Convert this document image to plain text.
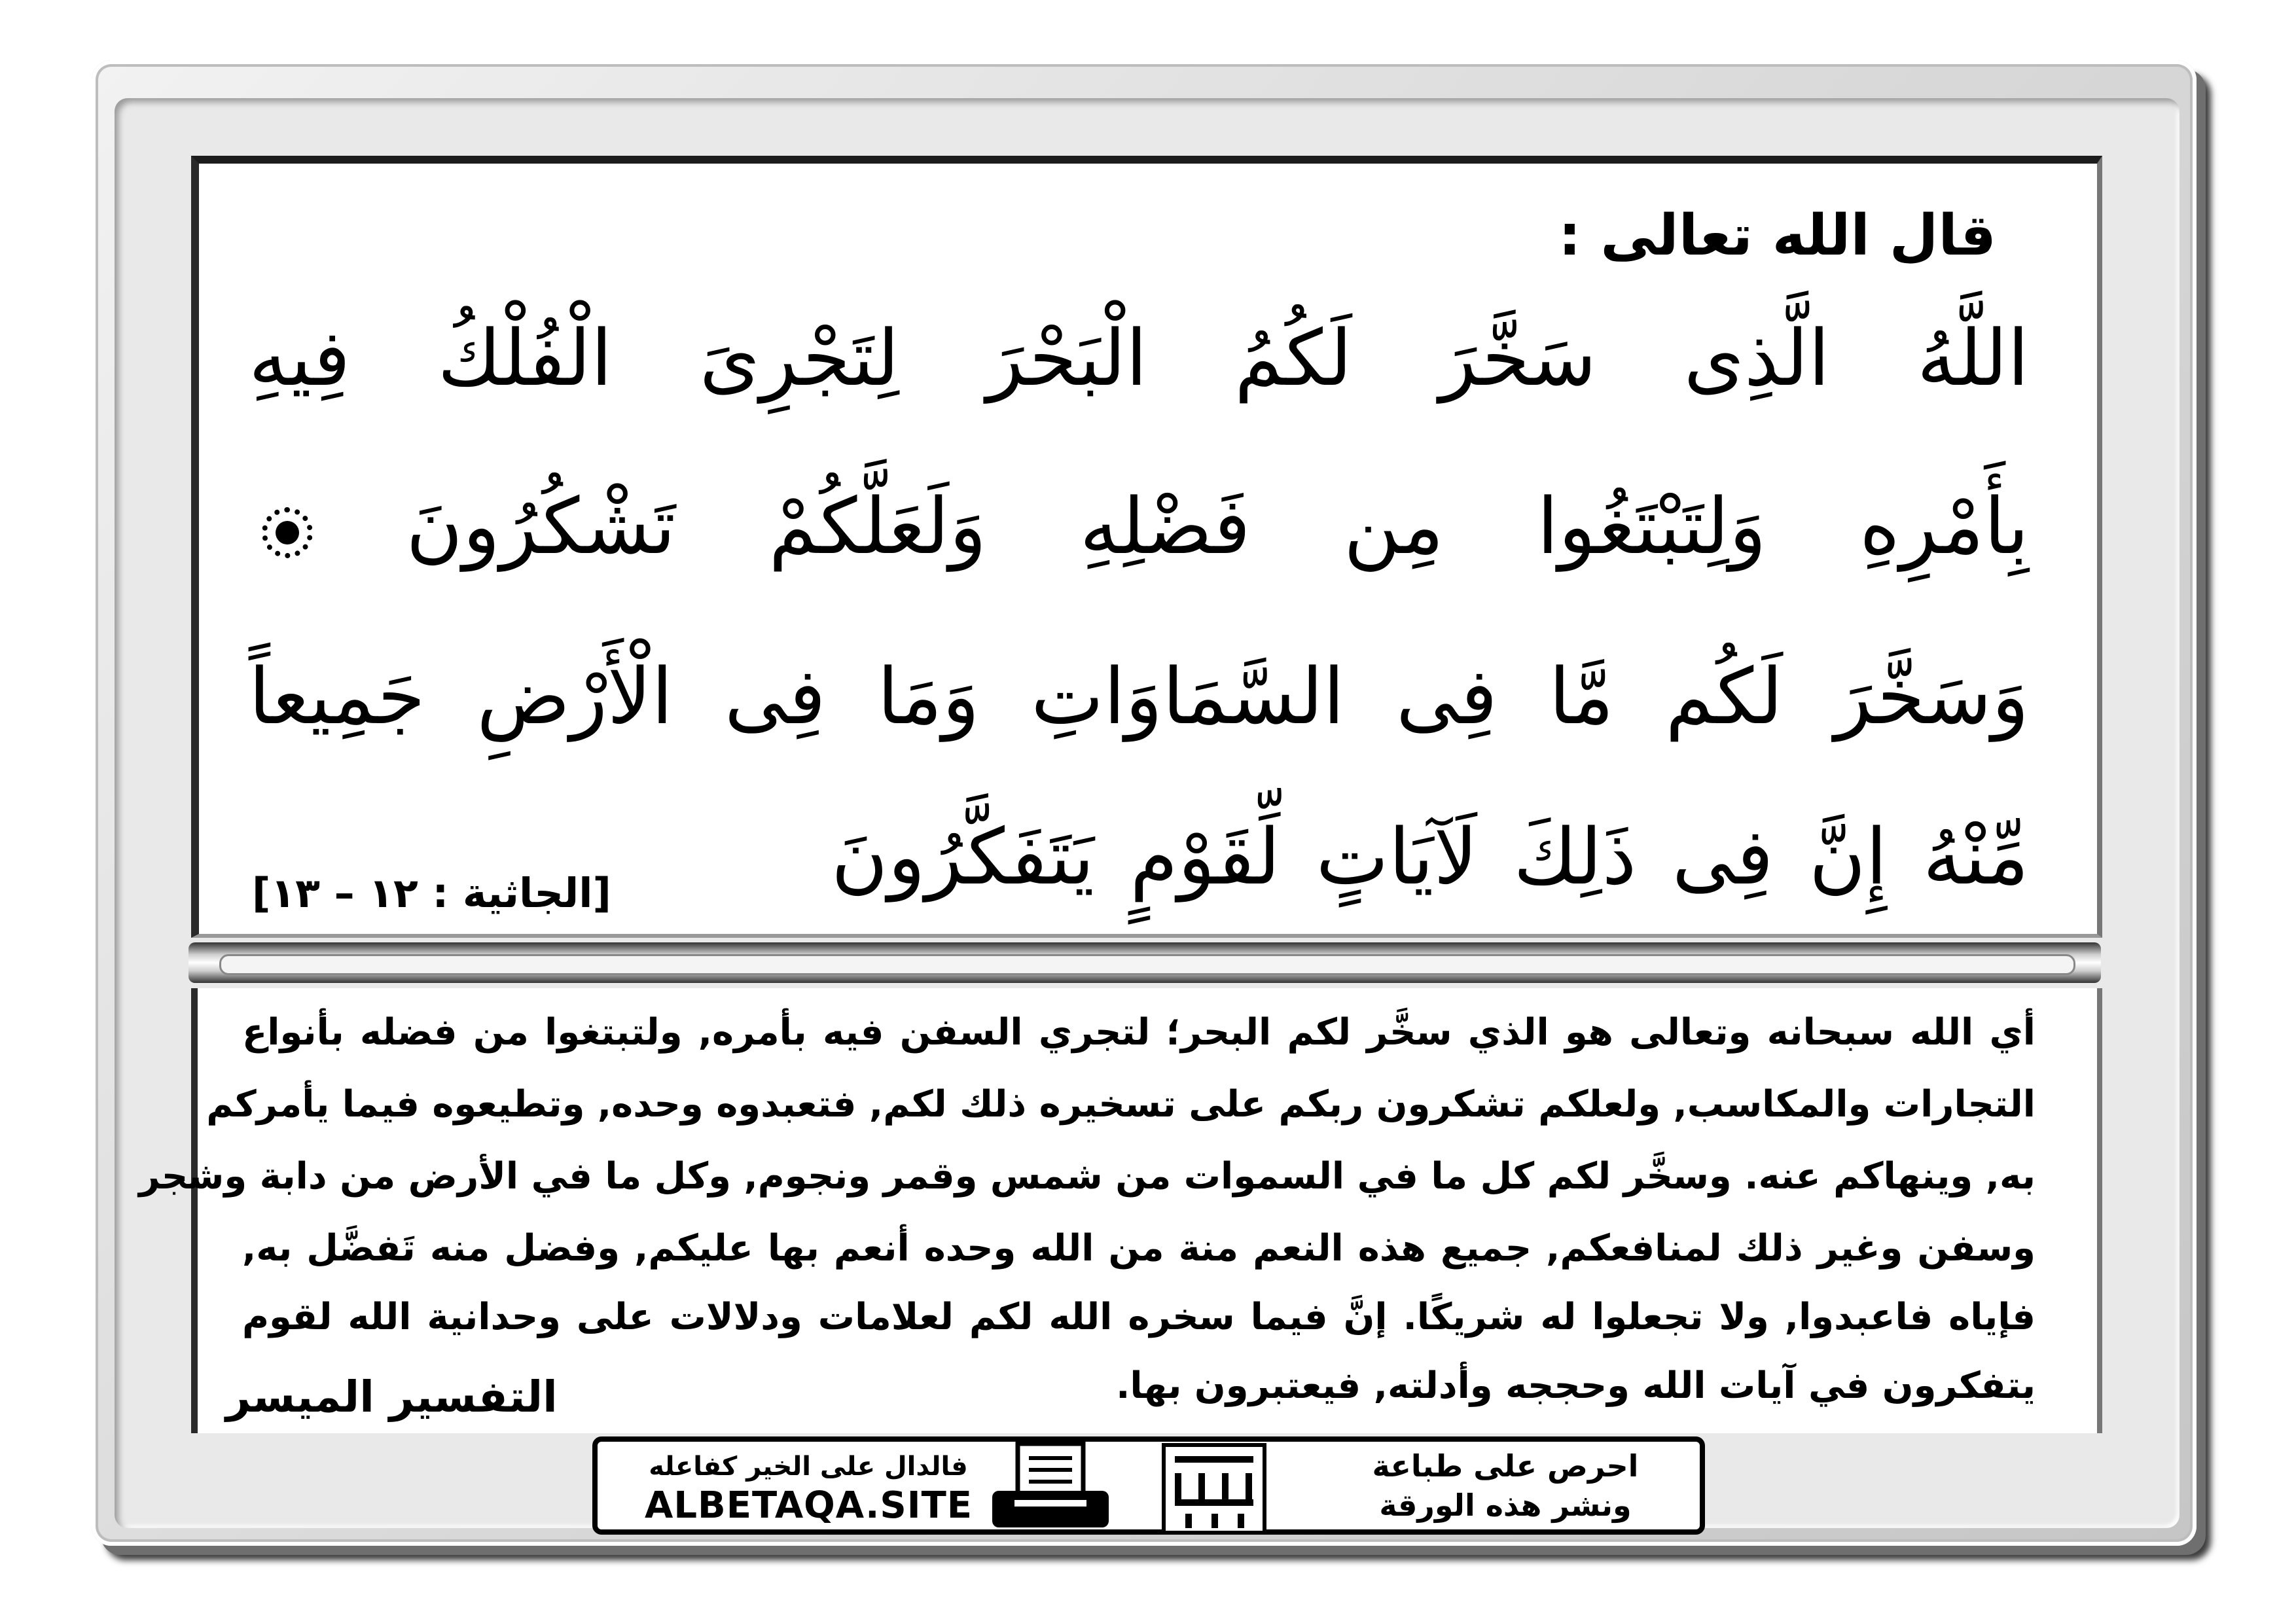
قال الله تعالى :
اللَّهُ الَّذِى سَخَّرَ لَكُمُ الْبَحْرَ لِتَجْرِىَ الْفُلْكُ فِيهِ
بِأَمْرِهِ وَلِتَبْتَغُوا مِن فَضْلِهِ وَلَعَلَّكُمْ تَشْكُرُونَ
وَسَخَّرَ لَكُم مَّا فِى السَّمَاوَاتِ وَمَا فِى الْأَرْضِ جَمِيعاً
مِّنْهُ إِنَّ فِى ذَلِكَ لَآيَاتٍ لِّقَوْمٍ يَتَفَكَّرُونَ
[الجاثية : ١٢ – ١٣]
أي الله سبحانه وتعالى هو الذي سخَّر لكم البحر؛ لتجري السفن فيه بأمره, ولتبتغوا من فضله بأنواع
التجارات والمكاسب, ولعلكم تشكرون ربكم على تسخيره ذلك لكم, فتعبدوه وحده, وتطيعوه فيما يأمركم
به, وينهاكم عنه. وسخَّر لكم كل ما في السموات من شمس وقمر ونجوم, وكل ما في الأرض من دابة وشجر
وسفن وغير ذلك لمنافعكم, جميع هذه النعم منة من الله وحده أنعم بها عليكم, وفضل منه تَفضَّل به,
فإياه فاعبدوا, ولا تجعلوا له شريكًا. إنَّ فيما سخره الله لكم لعلامات ودلالات على وحدانية الله لقوم
يتفكرون في آيات الله وحججه وأدلته, فيعتبرون بها.
التفسير الميسر
احرص على طباعة
ونشر هذه الورقة
فالدال على الخير كفاعله
ALBETAQA.SITE
